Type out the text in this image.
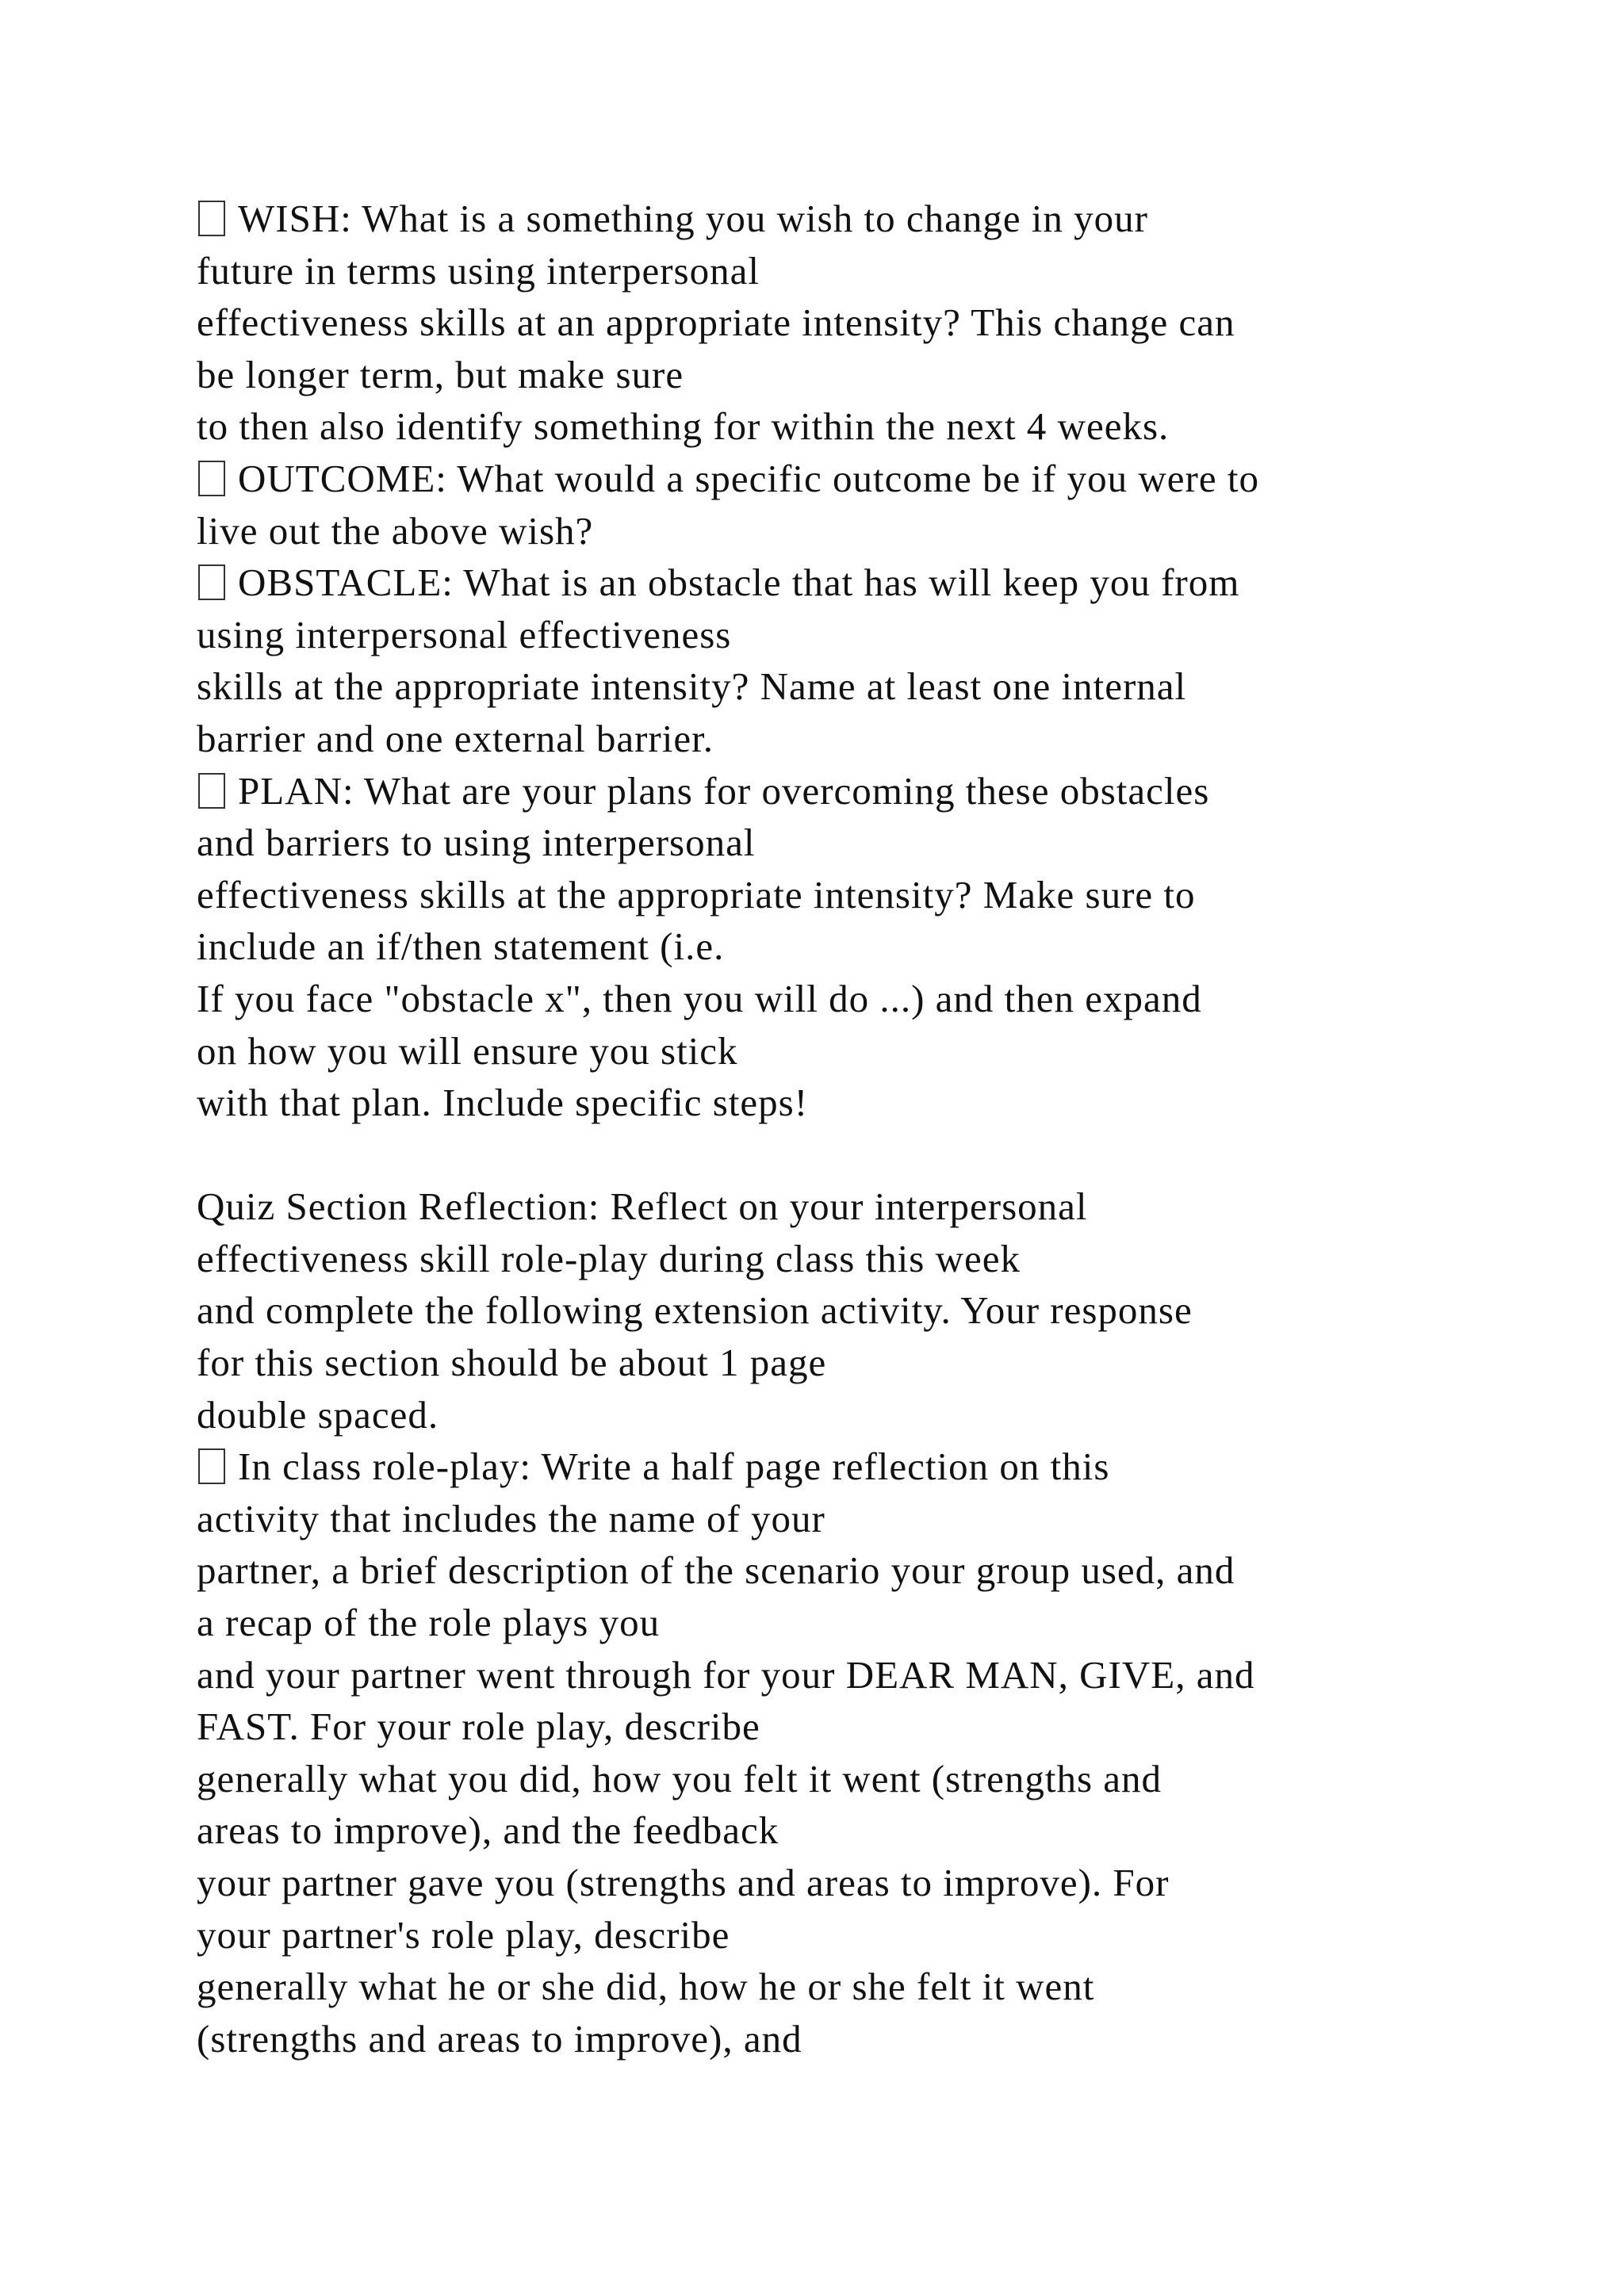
WISH: What is a something you wish to change in your
future in terms using interpersonal
effectiveness skills at an appropriate intensity? This change can
be longer term, but make sure
to then also identify something for within the next 4 weeks.
OUTCOME: What would a specific outcome be if you were to
live out the above wish?
OBSTACLE: What is an obstacle that has will keep you from
using interpersonal effectiveness
skills at the appropriate intensity? Name at least one internal
barrier and one external barrier.
PLAN: What are your plans for overcoming these obstacles
and barriers to using interpersonal
effectiveness skills at the appropriate intensity? Make sure to
include an if/then statement (i.e.
If you face "obstacle x", then you will do ...) and then expand
on how you will ensure you stick
with that plan. Include specific steps!
Quiz Section Reflection: Reflect on your interpersonal
effectiveness skill role-play during class this week
and complete the following extension activity. Your response
for this section should be about 1 page
double spaced.
In class role-play: Write a half page reflection on this
activity that includes the name of your
partner, a brief description of the scenario your group used, and
a recap of the role plays you
and your partner went through for your DEAR MAN, GIVE, and
FAST. For your role play, describe
generally what you did, how you felt it went (strengths and
areas to improve), and the feedback
your partner gave you (strengths and areas to improve). For
your partner's role play, describe
generally what he or she did, how he or she felt it went
(strengths and areas to improve), and
